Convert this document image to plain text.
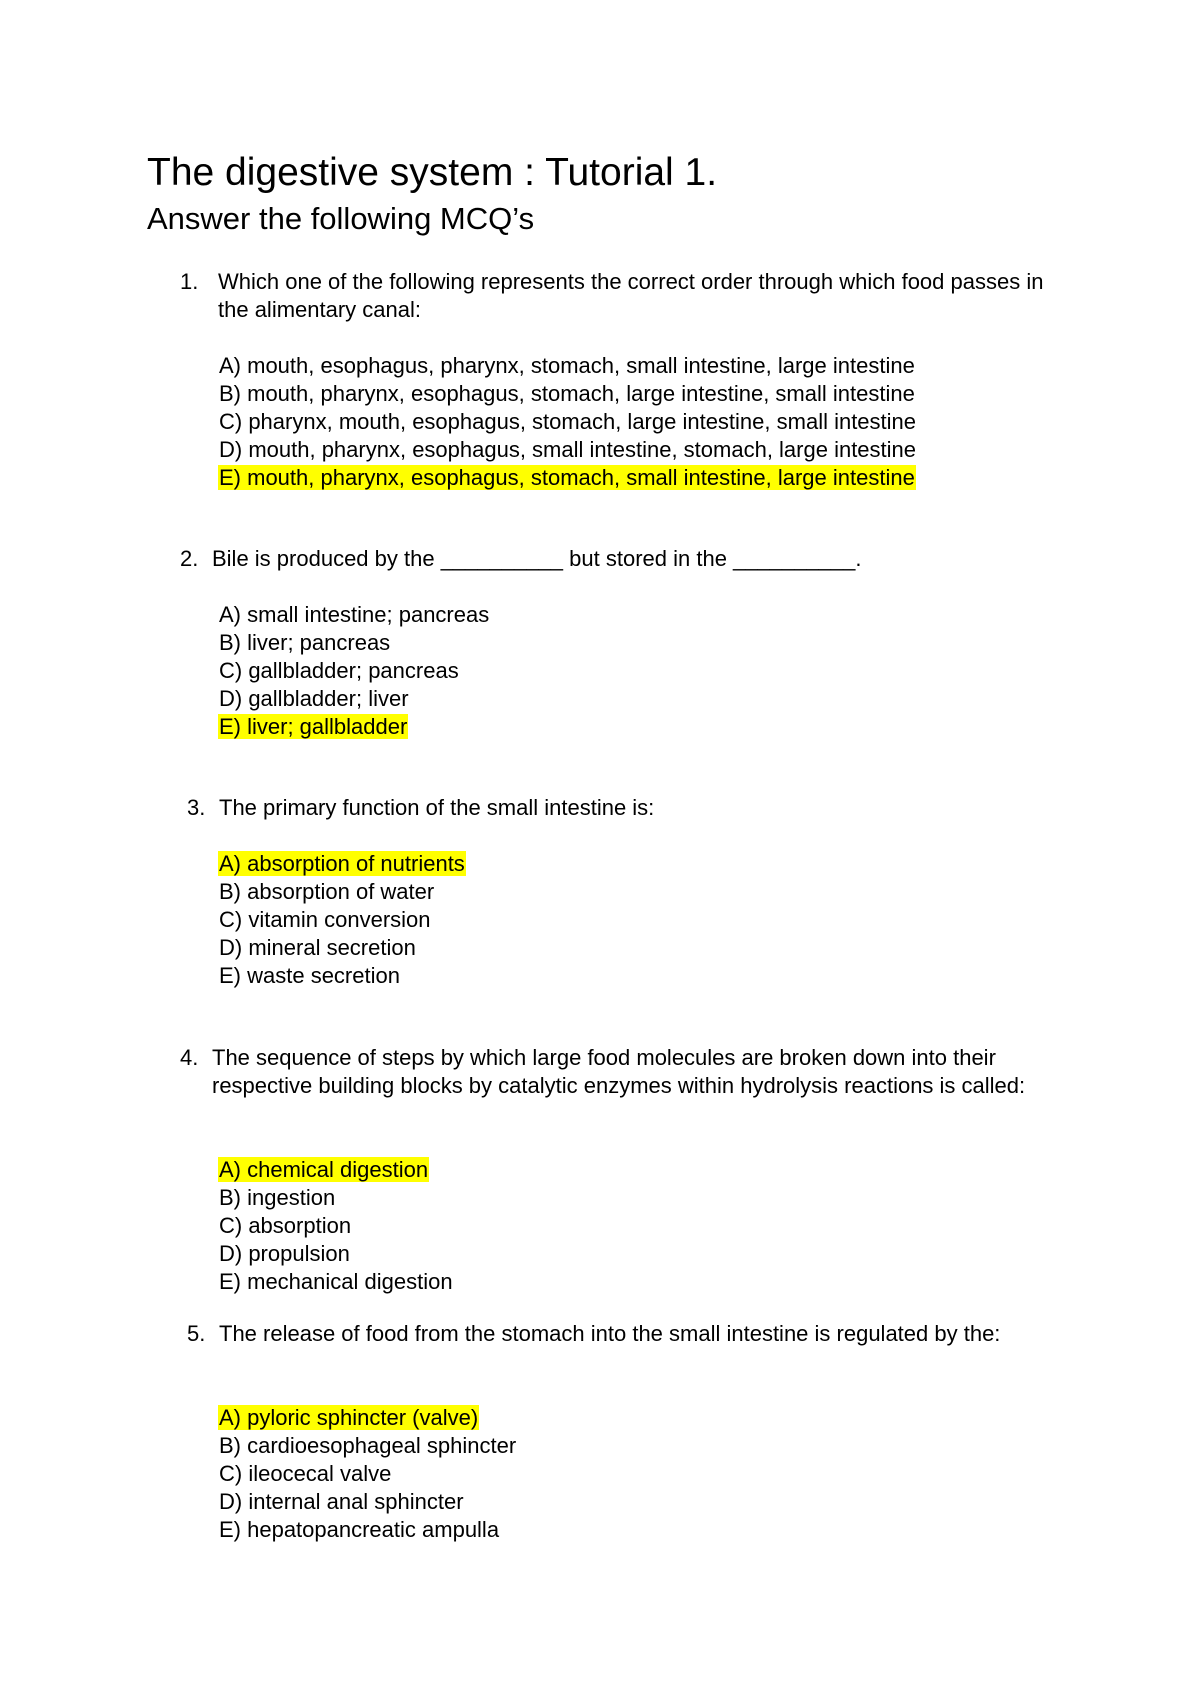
The digestive system : Tutorial 1.
Answer the following MCQ’s
1. Which one of the following represents the correct order through which food passes in the alimentary canal:
A) mouth, esophagus, pharynx, stomach, small intestine, large intestine
B) mouth, pharynx, esophagus, stomach, large intestine, small intestine
C) pharynx, mouth, esophagus, stomach, large intestine, small intestine
D) mouth, pharynx, esophagus, small intestine, stomach, large intestine
E) mouth, pharynx, esophagus, stomach, small intestine, large intestine
2. Bile is produced by the __________ but stored in the __________.
A) small intestine; pancreas
B) liver; pancreas
C) gallbladder; pancreas
D) gallbladder; liver
E) liver; gallbladder
3. The primary function of the small intestine is:
A) absorption of nutrients
B) absorption of water
C) vitamin conversion
D) mineral secretion
E) waste secretion
4. The sequence of steps by which large food molecules are broken down into their respective building blocks by catalytic enzymes within hydrolysis reactions is called:
A) chemical digestion
B) ingestion
C) absorption
D) propulsion
E) mechanical digestion
5. The release of food from the stomach into the small intestine is regulated by the:
A) pyloric sphincter (valve)
B) cardioesophageal sphincter
C) ileocecal valve
D) internal anal sphincter
E) hepatopancreatic ampulla
